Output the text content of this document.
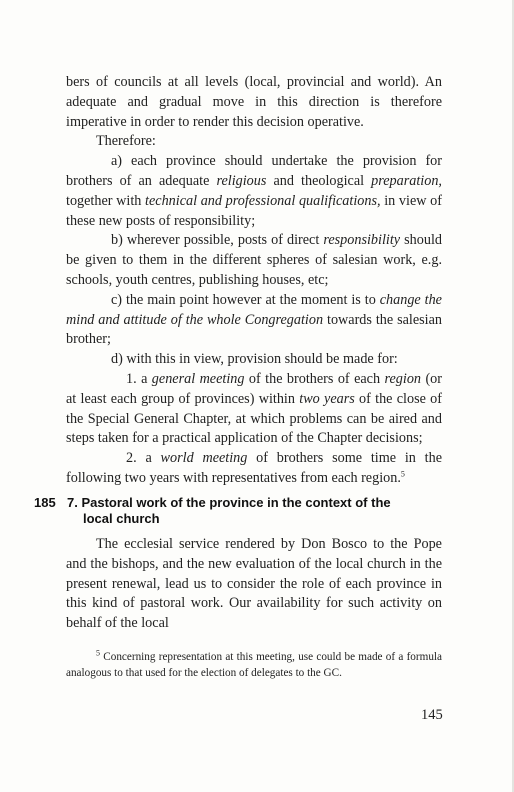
bers of councils at all levels (local, provincial and world). An adequate and gradual move in this direction is therefore imperative in order to render this decision operative.

Therefore:

a) each province should undertake the provision for brothers of an adequate religious and theological preparation, together with technical and professional qualifications, in view of these new posts of responsibility;

b) wherever possible, posts of direct responsibility should be given to them in the different spheres of salesian work, e.g. schools, youth centres, publishing houses, etc;

c) the main point however at the moment is to change the mind and attitude of the whole Congregation towards the salesian brother;

d) with this in view, provision should be made for:

1. a general meeting of the brothers of each region (or at least each group of provinces) within two years of the close of the Special General Chapter, at which problems can be aired and steps taken for a practical application of the Chapter decisions;

2. a world meeting of brothers some time in the following two years with representatives from each region.$^5$

185 7. Pastoral work of the province in the context of the
local church
The ecclesial service rendered by Don Bosco to the Pope and the bishops, and the new evaluation of the local church in the present renewal, lead us to consider the role of each province in this kind of pastoral work. Our availability for such activity on behalf of the local

$^5$ Concerning representation at this meeting, use could be made of a formula analogous to that used for the election of delegates to the GC.

145
